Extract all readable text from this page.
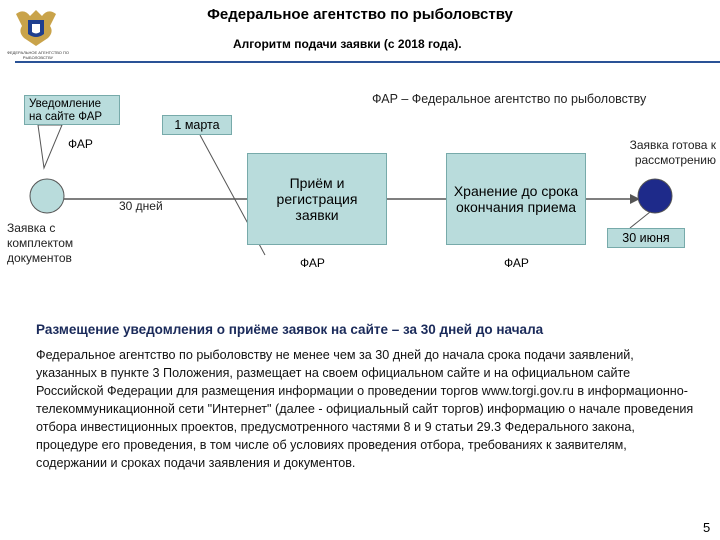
ФЕДЕРАЛЬНОЕ АГЕНТСТВО ПО РЫБОЛОВСТВУ
Федеральное агентство по рыболовству
Алгоритм подачи заявки (с 2018 года).
ФАР – Федеральное агентство по рыболовству
Уведомление на сайте ФАР
1 марта
ФАР
30 дней
Заявка с комплектом документов
Приём и регистрация заявки
Хранение до срока окончания приема
ФАР	ФАР
Заявка готова к рассмотрению
30 июня
Размещение уведомления о приёме заявок на сайте – за 30 дней до начала
Федеральное агентство по рыболовству не менее чем за 30 дней до начала срока подачи заявлений, указанных в пункте 3 Положения, размещает на своем официальном сайте и на официальном сайте Российской Федерации для размещения информации о проведении торгов www.torgi.gov.ru в информационно-телекоммуникационной сети "Интернет" (далее - официальный сайт торгов) информацию о начале проведения отбора инвестиционных проектов, предусмотренного частями 8 и 9 статьи 29.3 Федерального закона, процедуре его проведения, в том числе об условиях проведения отбора, требованиях к заявителям, содержании и сроках подачи заявления и документов.
5
